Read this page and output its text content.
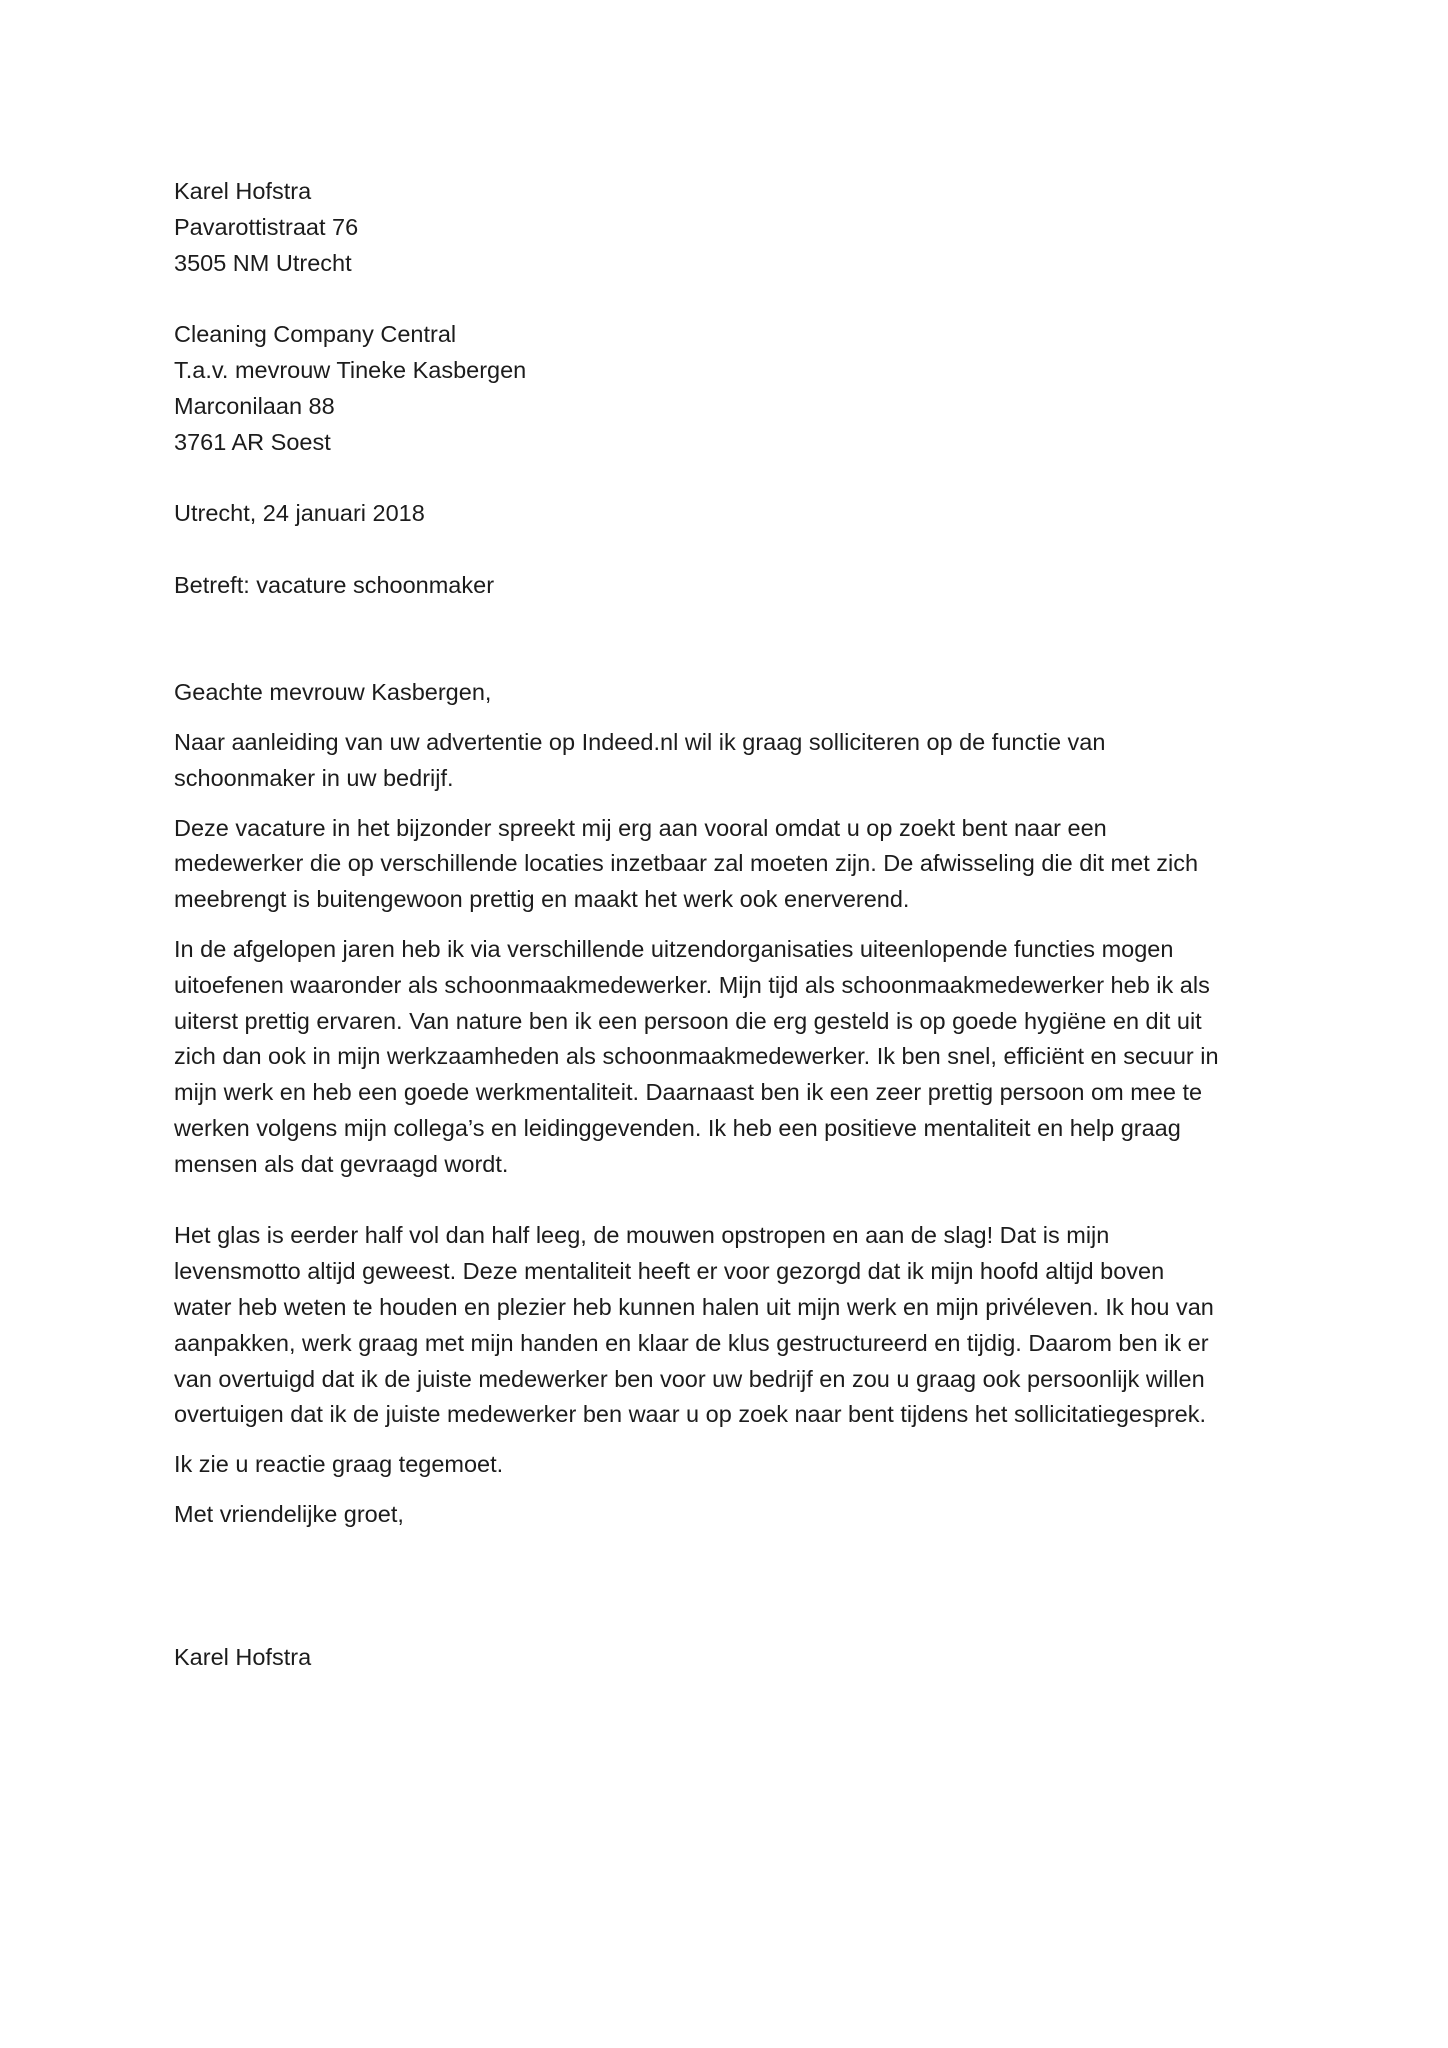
Karel Hofstra
Pavarottistraat 76
3505 NM Utrecht
Cleaning Company Central
T.a.v. mevrouw Tineke Kasbergen
Marconilaan 88
3761 AR Soest
Utrecht, 24 januari 2018
Betreft: vacature schoonmaker
Geachte mevrouw Kasbergen,

Naar aanleiding van uw advertentie op Indeed.nl wil ik graag solliciteren op de functie van
schoonmaker in uw bedrijf.

Deze vacature in het bijzonder spreekt mij erg aan vooral omdat u op zoekt bent naar een
medewerker die op verschillende locaties inzetbaar zal moeten zijn. De afwisseling die dit met zich
meebrengt is buitengewoon prettig en maakt het werk ook enerverend.

In de afgelopen jaren heb ik via verschillende uitzendorganisaties uiteenlopende functies mogen
uitoefenen waaronder als schoonmaakmedewerker. Mijn tijd als schoonmaakmedewerker heb ik als
uiterst prettig ervaren. Van nature ben ik een persoon die erg gesteld is op goede hygiëne en dit uit
zich dan ook in mijn werkzaamheden als schoonmaakmedewerker. Ik ben snel, efficiënt en secuur in
mijn werk en heb een goede werkmentaliteit. Daarnaast ben ik een zeer prettig persoon om mee te
werken volgens mijn collega’s en leidinggevenden. Ik heb een positieve mentaliteit en help graag
mensen als dat gevraagd wordt.

Het glas is eerder half vol dan half leeg, de mouwen opstropen en aan de slag! Dat is mijn
levensmotto altijd geweest. Deze mentaliteit heeft er voor gezorgd dat ik mijn hoofd altijd boven
water heb weten te houden en plezier heb kunnen halen uit mijn werk en mijn privéleven. Ik hou van
aanpakken, werk graag met mijn handen en klaar de klus gestructureerd en tijdig. Daarom ben ik er
van overtuigd dat ik de juiste medewerker ben voor uw bedrijf en zou u graag ook persoonlijk willen
overtuigen dat ik de juiste medewerker ben waar u op zoek naar bent tijdens het sollicitatiegesprek.

Ik zie u reactie graag tegemoet.

Met vriendelijke groet,
Karel Hofstra
